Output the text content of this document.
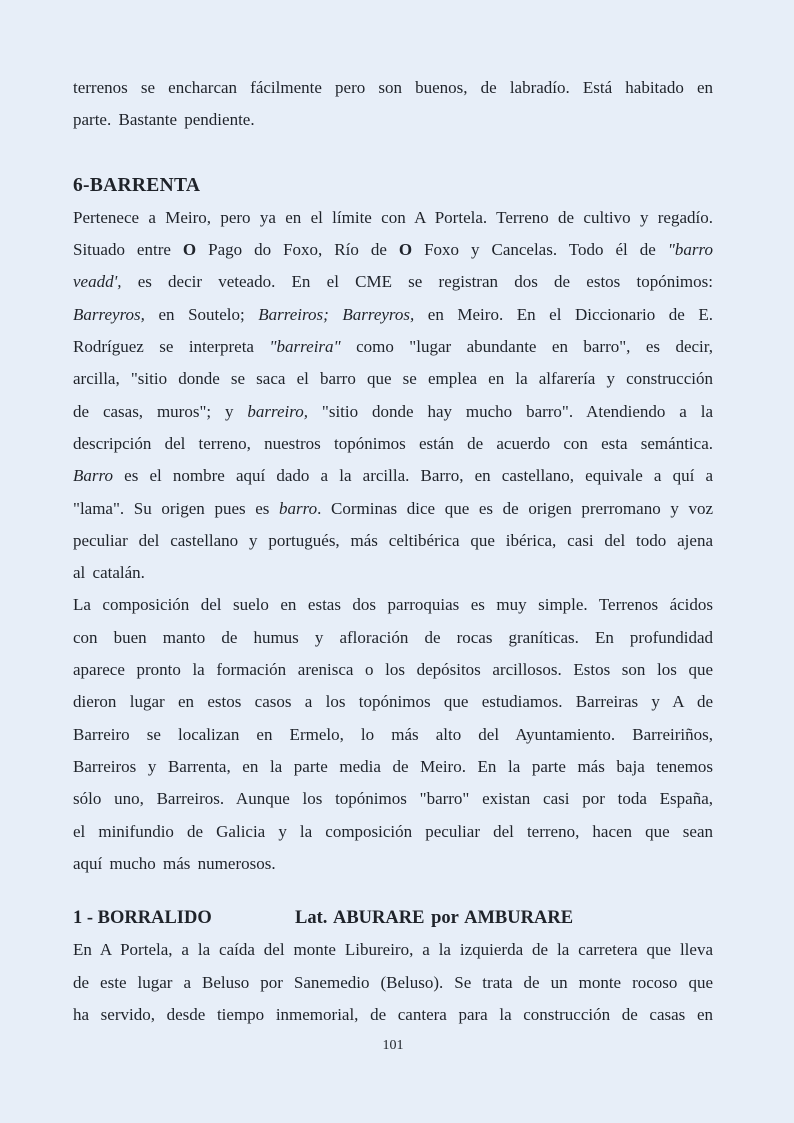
terrenos se encharcan fácilmente pero son buenos, de labradío. Está habitado en
parte. Bastante pendiente.
6-BARRENTA
Pertenece a Meiro, pero ya en el límite con A Portela. Terreno de cultivo y regadío.
Situado entre O Pago do Foxo, Río de O Foxo y Cancelas. Todo él de "barro
veadd', es decir veteado. En el CME se registran dos de estos topónimos:
Barreyros, en Soutelo; Barreiros; Barreyros, en Meiro. En el Diccionario de E.
Rodríguez se interpreta "barreira" como "lugar abundante en barro", es decir,
arcilla, "sitio donde se saca el barro que se emplea en la alfarería y construcción
de casas, muros"; y barreiro, "sitio donde hay mucho barro". Atendiendo a la
descripción del terreno, nuestros topónimos están de acuerdo con esta semántica.
Barro es el nombre aquí dado a la arcilla. Barro, en castellano, equivale a quí a
"lama". Su origen pues es barro. Corminas dice que es de origen prerromano y voz
peculiar del castellano y portugués, más celtibérica que ibérica, casi del todo ajena
al catalán.
La composición del suelo en estas dos parroquias es muy simple. Terrenos ácidos
con buen manto de humus y afloración de rocas graníticas. En profundidad
aparece pronto la formación arenisca o los depósitos arcillosos. Estos son los que
dieron lugar en estos casos a los topónimos que estudiamos. Barreiras y A de
Barreiro se localizan en Ermelo, lo más alto del Ayuntamiento. Barreiriños,
Barreiros y Barrenta, en la parte media de Meiro. En la parte más baja tenemos
sólo uno, Barreiros. Aunque los topónimos "barro" existan casi por toda España,
el minifundio de Galicia y la composición peculiar del terreno, hacen que sean
aquí mucho más numerosos.
1 - BORRALIDO	Lat. ABURARE por AMBURARE
En A Portela, a la caída del monte Libureiro, a la izquierda de la carretera que lleva
de este lugar a Beluso por Sanemedio (Beluso). Se trata de un monte rocoso que
ha servido, desde tiempo inmemorial, de cantera para la construcción de casas en
101
